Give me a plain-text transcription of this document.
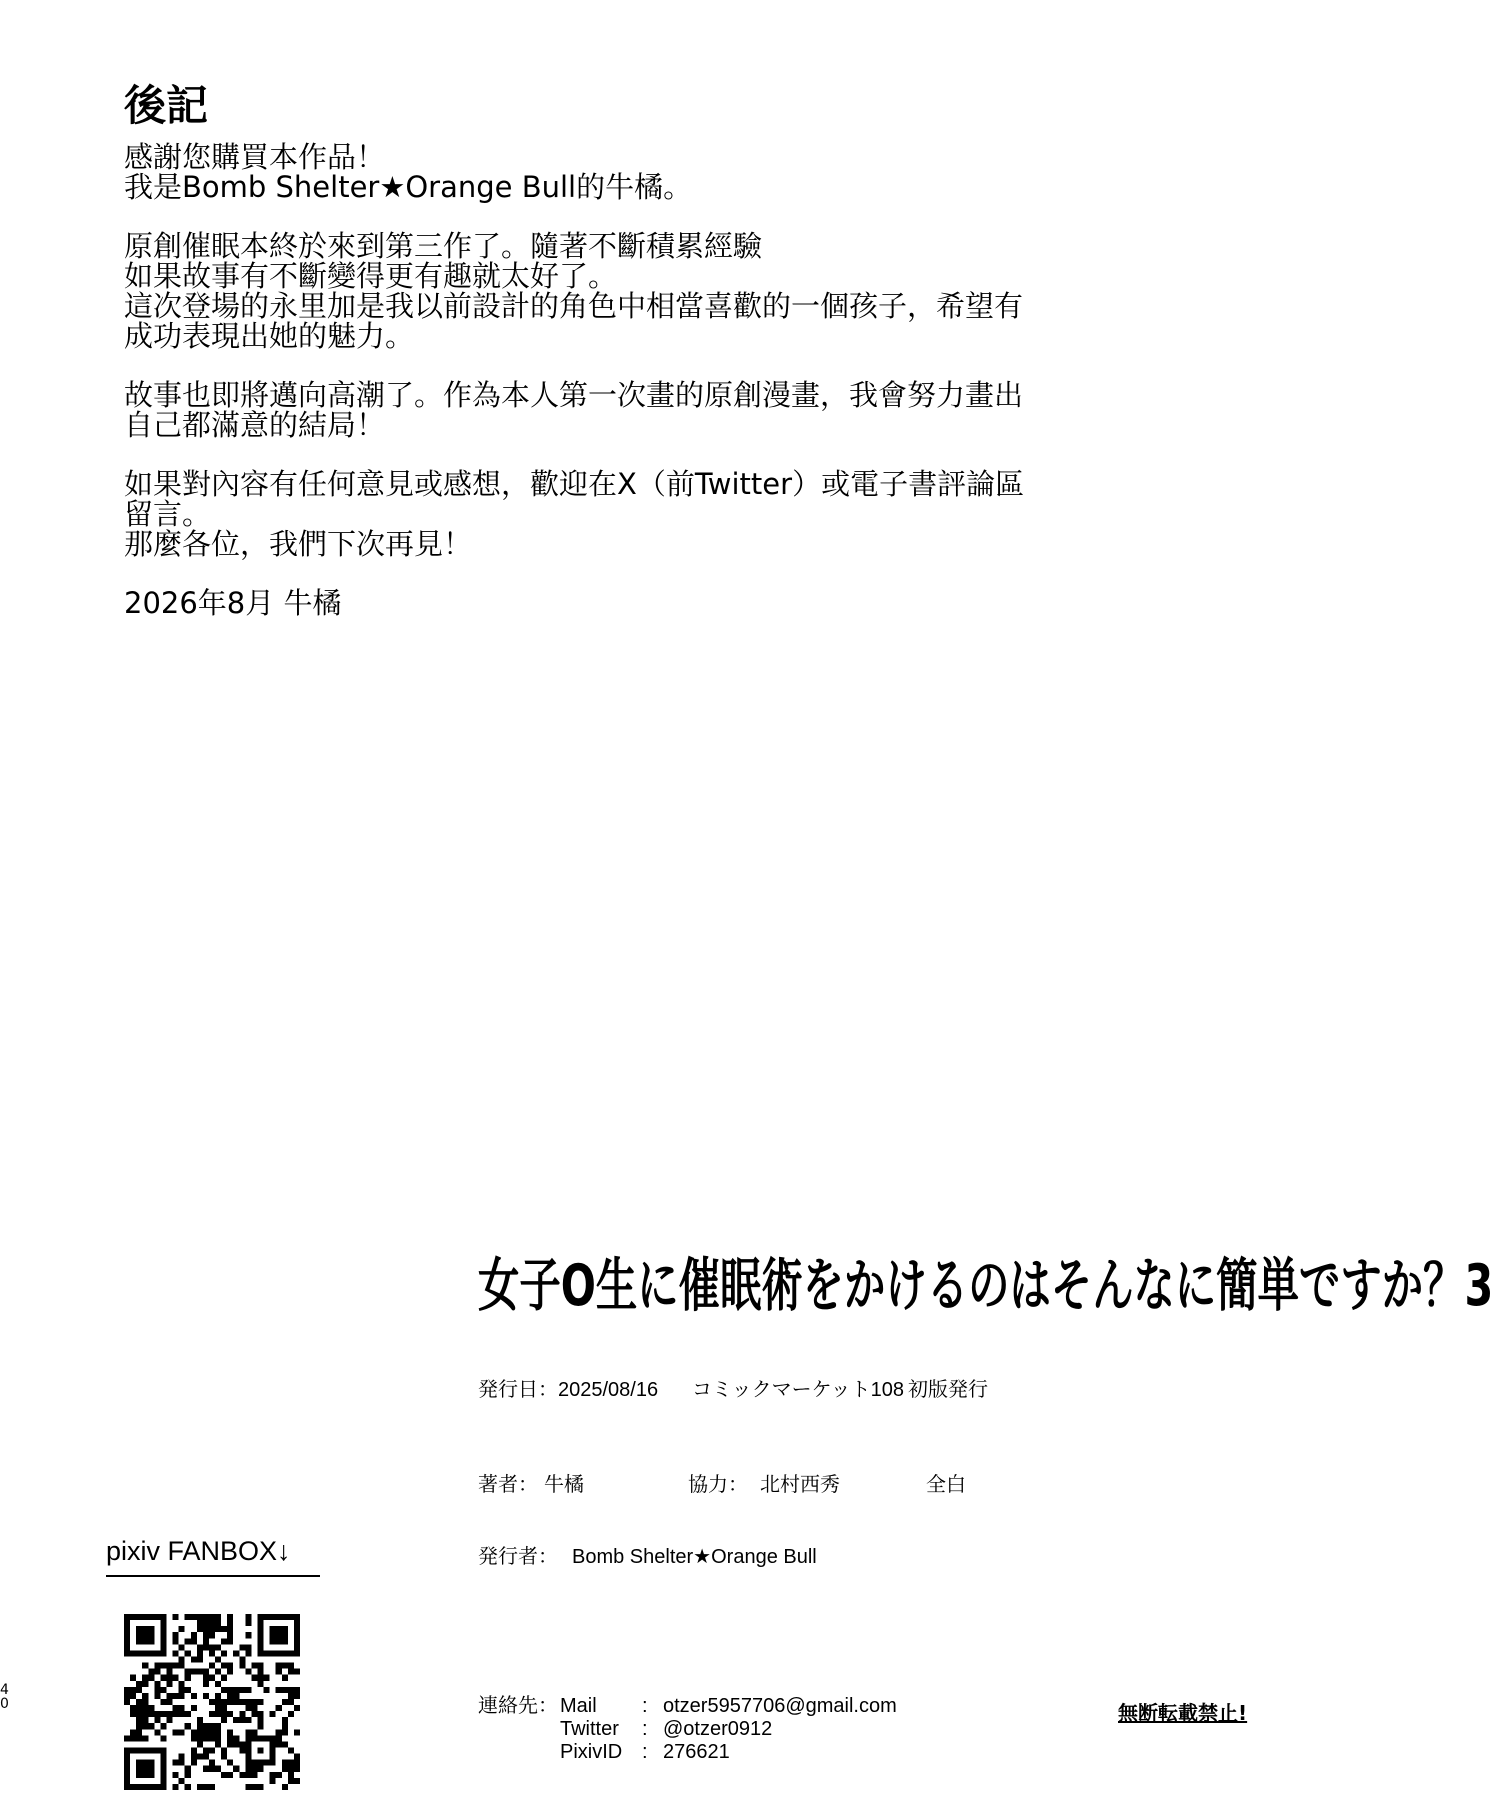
後記

感謝您購買本作品！

我是Bomb Shelter★Orange Bull的牛橘。

原創催眠本終於來到第三作了。隨著不斷積累經驗

如果故事有不斷變得更有趣就太好了。

這次登場的永里加是我以前設計的角色中相當喜歡的一個孩子，希望有

成功表現出她的魅力。

故事也即將邁向高潮了。作為本人第一次畫的原創漫畫，我會努力畫出

自己都滿意的結局！

如果對內容有任何意見或感想，歡迎在X（前Twitter）或電子書評論區

留言。

那麼各位，我們下次再見！

2026年8月 牛橘

女子O生に催眠術をかけるのはそんなに簡単ですか？3
発行日：2025/08/16 コミックマーケット108 初版発行
著者： 牛橘	協力： 北村西秀	全白
発行者： Bomb Shelter★Orange Bull
連絡先： Mail : otzer5957706@gmail.com
Twitter : @otzer0912
PixivID : 276621
無断転載禁止!
pixiv FANBOX↓
40
